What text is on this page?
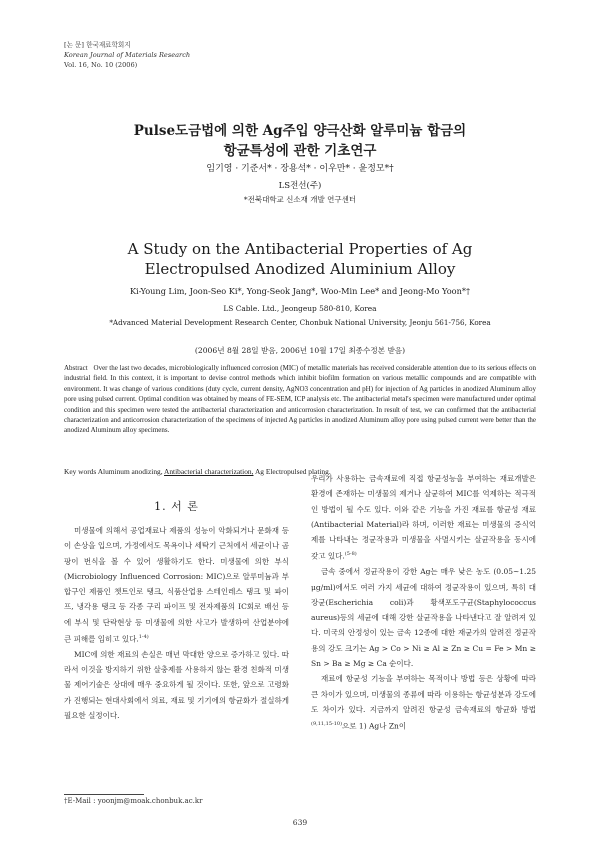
[논 문] 한국재료학회지
Korean Journal of Materials Research
Vol. 16, No. 10 (2006)
Pulse도금법에 의한 Ag주입 양극산화 알루미늄 합금의
항균특성에 관한 기초연구
임기영 · 기준서* · 장용석* · 이우만* · 윤정모*†
LS전선(주)
*전북대학교 신소재 개발 연구센터
A Study on the Antibacterial Properties of Ag
Electropulsed Anodized Aluminium Alloy
Ki-Young Lim, Joon-Seo Ki*, Yong-Seok Jang*, Woo-Min Lee* and Jeong-Mo Yoon*†
LS Cable. Ltd., Jeongeup 580-810, Korea
*Advanced Material Development Research Center, Chonbuk National University, Jeonju 561-756, Korea
(2006년 8월 28일 받음, 2006년 10월 17일 최종수정본 받음)
Abstract Over the last two decades, microbiologically influenced corrosion (MIC) of metallic materials has received considerable attention due to its serious effects on industrial field. In this context, it is important to devise control methods which inhibit biofilm formation on various metallic compounds and are compatible with environment. It was change of various conditions (duty cycle, current density, AgNO3 concentration and pH) for injection of Ag particles in anodized Aluminum alloy pore using pulsed current. Optimal condition was obtained by means of FE-SEM, ICP analysis etc. The antibacterial metal's specimen were manufactured under optimal condition and this specimen were tested the antibacterial characterization and anticorrosion characterization. In result of test, we can confirmed that the antibacterial characterization and anticorrosion characterization of the specimens of injected Ag particles in anodized Aluminum alloy pore using pulsed current were better than the anodized Aluminum alloy specimens.
Key words Aluminum anodizing, Antibacterial characterization, Ag Electropulsed plating.
1. 서 론

미생물에 의해서 공업재료나 제품의 성능이 악화되거나 문화재 등이 손상을 입으며, 가정에서도 목욕이나 세탁기 근처에서 세균이나 곰팡이 번식을 볼 수 있어 생활하기도 한다. 미생물에 의한 부식(Microbiology Influenced Corrosion: MIC)으로 알루미늄과 부합구인 제품인 쳇트인로 탱크, 식품산업용 스테인레스 탱크 및 파이프, 냉각용 탱크 등 각종 구리 파이프 및 전자제품의 IC회로 배선 등에 부식 및 단락현상 등 미생물에 의한 사고가 발생하여 산업분야에 큰 피해를 입히고 있다.$^{1-4)}$

MIC에 의한 재료의 손실은 매년 막대한 양으로 증가하고 있다. 따라서 이것을 방지하기 위한 살충제를 사용하지 않는 환경 친화적 미생물 제어기술은 상대에 매우 중요하게 될 것이다. 또한, 앞으로 고령화가 진행되는 현대사회에서 의료, 재료 및 기기에의 항균화가 절실하게 필요한 실정이다.

우리가 사용하는 금속재료에 직접 항균성능을 부여하는 재료개발은 환경에 존재하는 미생물의 제거나 살균하여 MIC를 억제하는 적극적인 방법이 될 수도 있다. 이와 같은 기능을 가진 재료를 항균성 재료(Antibacterial Material)라 하며, 이러한 재료는 미생물의 증식억제를 나타내는 정균작용과 미생물을 사멸시키는 살균작용을 동시에 갖고 있다.$^{(5-8)}$

금속 중에서 정균작용이 강한 Ag는 매우 낮은 농도 (0.05~1.25 μg/ml)에서도 여러 가지 세균에 대하여 정균작용이 있으며, 특히 대장균(Escherichia coli)과 황색포도구균(Staphylococcus aureus)등의 세균에 대해 강한 살균작용을 나타낸다고 잘 알려져 있다. 미국의 안정성이 있는 금속 12종에 대한 재균가의 알려진 정균작용의 강도 크기는 Ag > Co > Ni ≥ Al ≥ Zn ≥ Cu = Fe > Mn ≥ Sn > Ba ≥ Mg ≥ Ca 순이다.

재료에 항균성 기능을 부여하는 목적이나 방법 등은 상황에 따라 큰 차이가 있으며, 미생물의 종류에 따라 이용하는 항균성분과 강도에도 차이가 있다. 지금까지 알려진 항균성 금속재료의 항균화 방법$^{(9,11,15-10)}$으로 1) Ag나 Zn이

†E-Mail : yoonjm@moak.chonbuk.ac.kr
639
